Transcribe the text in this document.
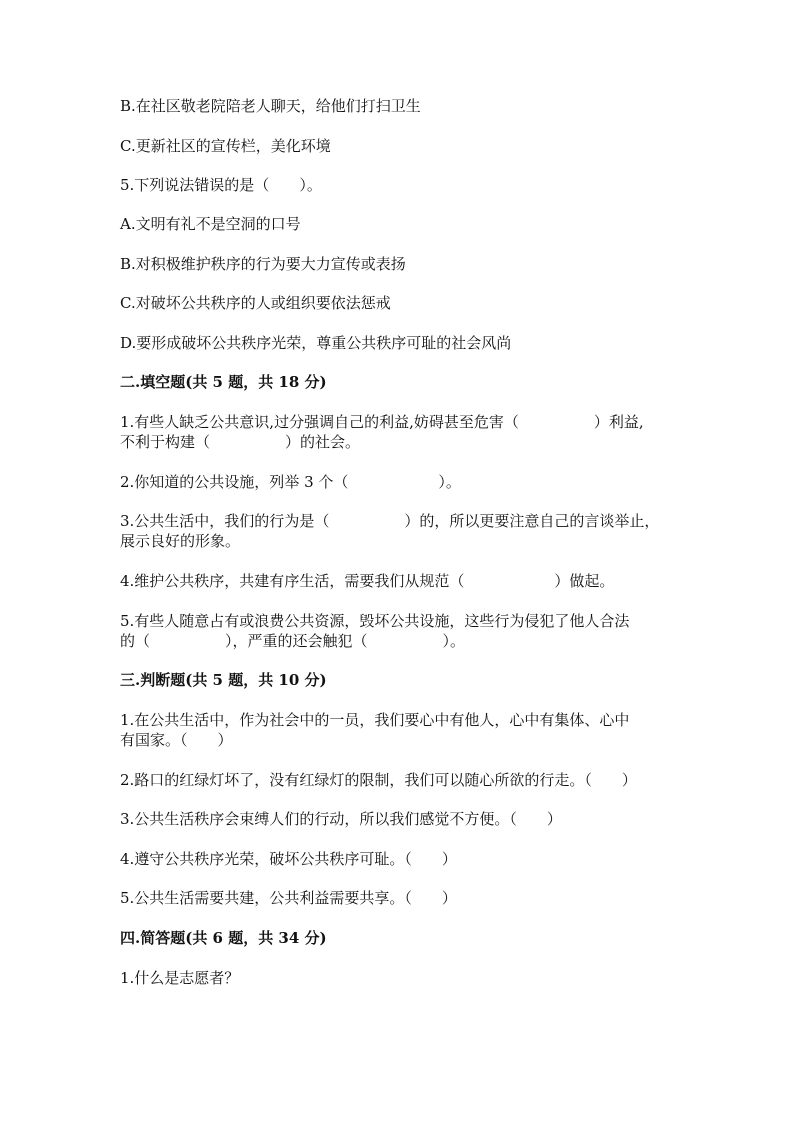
B.在社区敬老院陪老人聊天，给他们打扫卫生

C.更新社区的宣传栏，美化环境

5.下列说法错误的是（　　）。

A.文明有礼不是空洞的口号

B.对积极维护秩序的行为要大力宣传或表扬

C.对破坏公共秩序的人或组织要依法惩戒

D.要形成破坏公共秩序光荣，尊重公共秩序可耻的社会风尚

二.填空题(共 5 题，共 18 分)

1.有些人缺乏公共意识,过分强调自己的利益,妨碍甚至危害（　　　　　）利益,

不利于构建（　　　　　）的社会。

2.你知道的公共设施，列举 3 个（　　　　　　）。

3.公共生活中，我们的行为是（　　　　　）的，所以更要注意自己的言谈举止，

展示良好的形象。

4.维护公共秩序，共建有序生活，需要我们从规范（　　　　　　）做起。

5.有些人随意占有或浪费公共资源，毁坏公共设施，这些行为侵犯了他人合法

的（　　　　　），严重的还会触犯（　　　　　）。

三.判断题(共 5 题，共 10 分)

1.在公共生活中，作为社会中的一员，我们要心中有他人，心中有集体、心中

有国家。（　　）

2.路口的红绿灯坏了，没有红绿灯的限制，我们可以随心所欲的行走。（　　）

3.公共生活秩序会束缚人们的行动，所以我们感觉不方便。（　　）

4.遵守公共秩序光荣，破坏公共秩序可耻。（　　）

5.公共生活需要共建，公共利益需要共享。（　　）

四.简答题(共 6 题，共 34 分)

1.什么是志愿者？
